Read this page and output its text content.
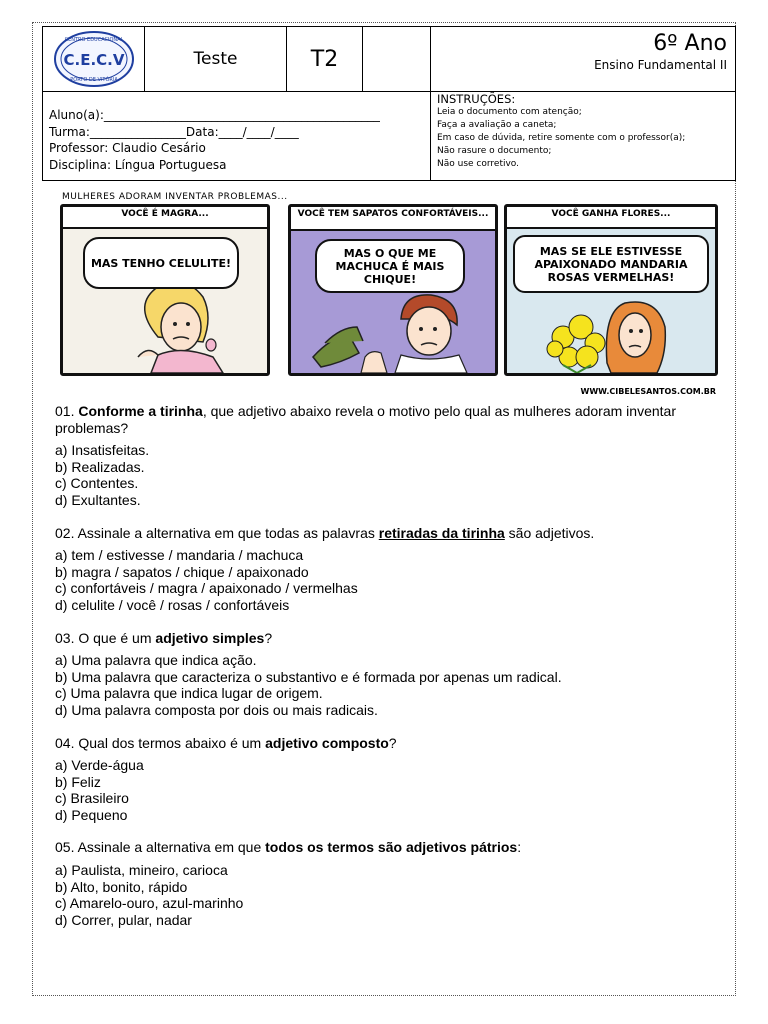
CENTRO EDUCACIONAL
C.E.C.V
PORTO DE VITÓRIA
Teste	T2
6º Ano
Ensino Fundamental II
Aluno(a):______________________________________________
Turma:________________Data:____/____/____
Professor: Claudio Cesário
Disciplina: Língua Portuguesa
INSTRUÇÕES:
Leia o documento com atenção;
Faça a avaliação a caneta;
Em caso de dúvida, retire somente com o professor(a);
Não rasure o documento;
Não use corretivo.
MULHERES ADORAM INVENTAR PROBLEMAS...
VOCÊ É MAGRA...
MAS TENHO CELULITE!
VOCÊ TEM SAPATOS CONFORTÁVEIS...
MAS O QUE ME MACHUCA É MAIS CHIQUE!
VOCÊ GANHA FLORES...
MAS SE ELE ESTIVESSE APAIXONADO MANDARIA ROSAS VERMELHAS!
WWW.CIBELESANTOS.COM.BR
01. Conforme a tirinha, que adjetivo abaixo revela o motivo pelo qual as mulheres adoram inventar problemas?
a) Insatisfeitas.
b) Realizadas.
c) Contentes.
d) Exultantes.
02. Assinale a alternativa em que todas as palavras retiradas da tirinha são adjetivos.
a) tem / estivesse / mandaria / machuca
b) magra / sapatos / chique / apaixonado
c) confortáveis / magra / apaixonado / vermelhas
d) celulite / você / rosas / confortáveis
03. O que é um adjetivo simples?
a) Uma palavra que indica ação.
b) Uma palavra que caracteriza o substantivo e é formada por apenas um radical.
c) Uma palavra que indica lugar de origem.
d) Uma palavra composta por dois ou mais radicais.
04. Qual dos termos abaixo é um adjetivo composto?
a) Verde-água
b) Feliz
c) Brasileiro
d) Pequeno
05. Assinale a alternativa em que todos os termos são adjetivos pátrios:
a) Paulista, mineiro, carioca
b) Alto, bonito, rápido
c) Amarelo-ouro, azul-marinho
d) Correr, pular, nadar
